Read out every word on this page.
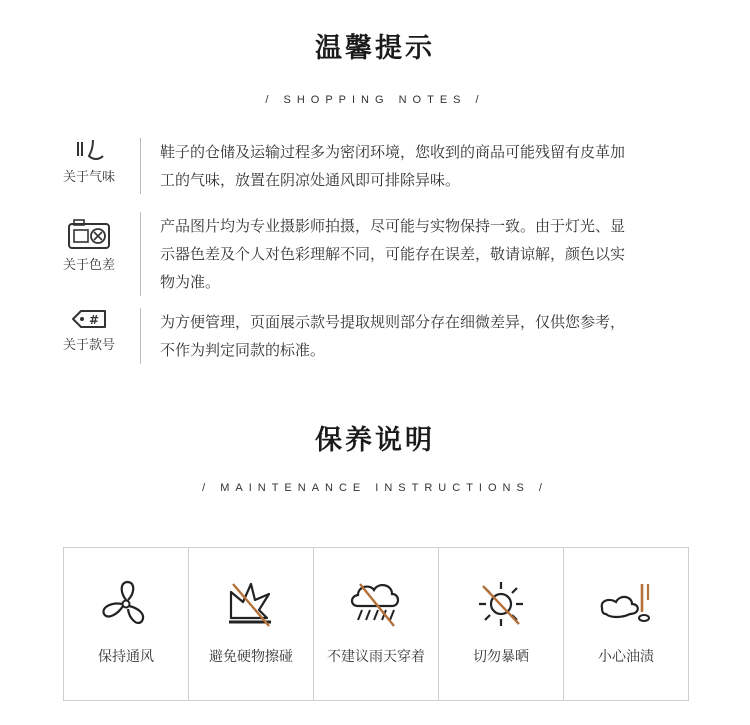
温馨提示
/ SHOPPING NOTES /
关于气味
鞋子的仓储及运输过程多为密闭环境，您收到的商品可能残留有皮革加
工的气味，放置在阴凉处通风即可排除异味。
关于色差
产品图片均为专业摄影师拍摄，尽可能与实物保持一致。由于灯光、显
示器色差及个人对色彩理解不同，可能存在误差，敬请谅解，颜色以实
物为准。
#
关于款号
为方便管理，页面展示款号提取规则部分存在细微差异，仅供您参考，
不作为判定同款的标准。
保养说明
/ MAINTENANCE INSTRUCTIONS /
保持通风	避免硬物擦碰	不建议雨天穿着	切勿暴晒	小心油渍
